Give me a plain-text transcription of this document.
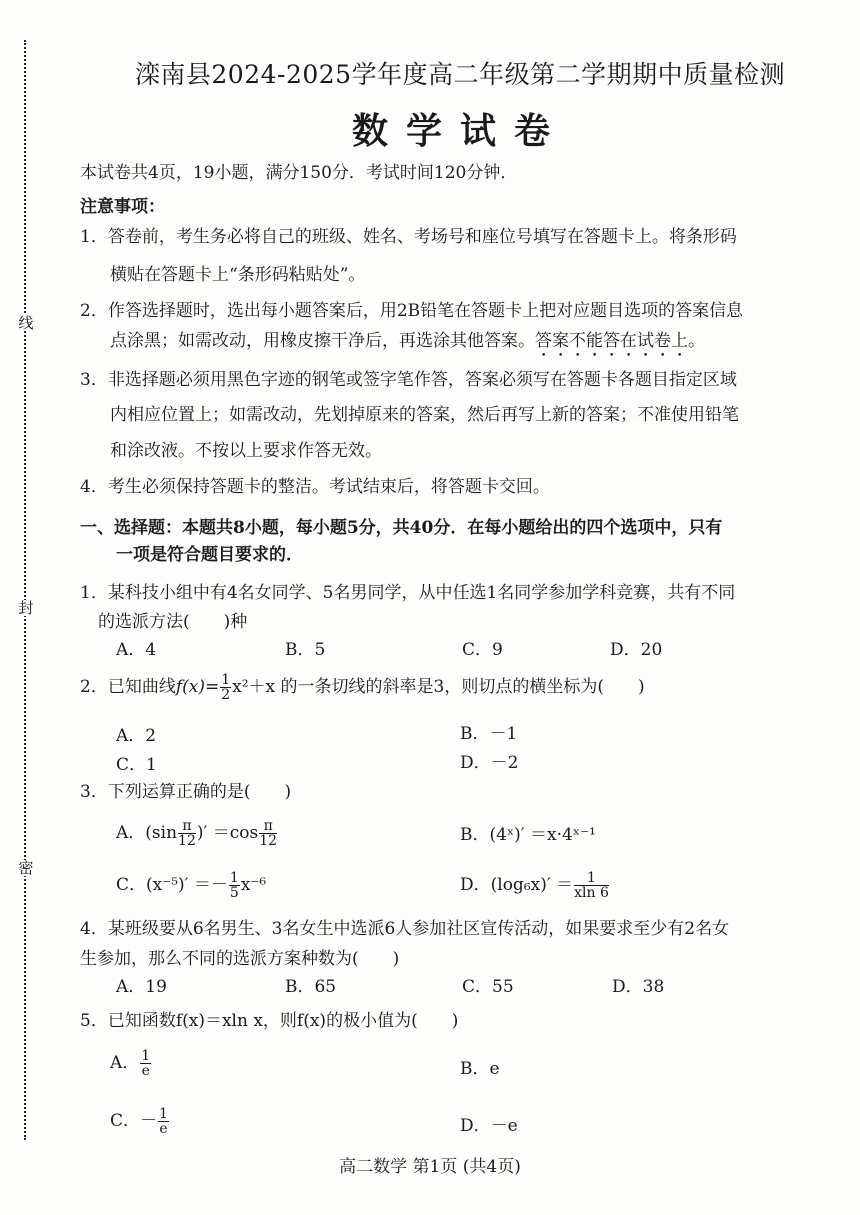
线
封
密
滦南县2024-2025学年度高二年级第二学期期中质量检测
数学试卷
本试卷共4页，19小题，满分150分．考试时间120分钟．
注意事项：
1．答卷前，考生务必将自己的班级、姓名、考场号和座位号填写在答题卡上。将条形码
横贴在答题卡上“条形码粘贴处”。
2．作答选择题时，选出每小题答案后，用2B铅笔在答题卡上把对应题目选项的答案信息
点涂黑；如需改动，用橡皮擦干净后，再选涂其他答案。答案不能答在试卷上。
3．非选择题必须用黑色字迹的钢笔或签字笔作答，答案必须写在答题卡各题目指定区域
内相应位置上；如需改动，先划掉原来的答案，然后再写上新的答案；不准使用铅笔
和涂改液。不按以上要求作答无效。
4．考生必须保持答题卡的整洁。考试结束后，将答题卡交回。
一、选择题：本题共8小题，每小题5分，共40分．在每小题给出的四个选项中，只有
一项是符合题目要求的．
1．某科技小组中有4名女同学、5名男同学，从中任选1名同学参加学科竞赛，共有不同
的选派方法(　　)种
A．4	B．5	C．9	D．20
2．已知曲线$f(x)= \frac{1}{2} x^2+x$ 的一条切线的斜率是3，则切点的横坐标为(　　)
A．2	B．－1
C．1	D．－2
3．下列运算正确的是(　　)
A．($\sin \frac{\pi}{12}$ )′ $=\cos \frac{\pi}{12}$	B．(4ˣ)′ ＝x·4ˣ⁻¹
C．$(x^{-5})' =- \frac{1}{5} x^{-6}$	D．$(\log_6x)' = \frac{1}{xln 6}$
4．某班级要从6名男生、3名女生中选派6人参加社区宣传活动，如果要求至少有2名女
生参加，那么不同的选派方案种数为(　　)
A．19	B．65	C．55	D．38
5．已知函数f(x)＝xln x，则f(x)的极小值为(　　)
A． $\frac{1}{e}$	B．e
C．－ $\frac{1}{e}$	D．－e
高二数学 第1页 (共4页)
